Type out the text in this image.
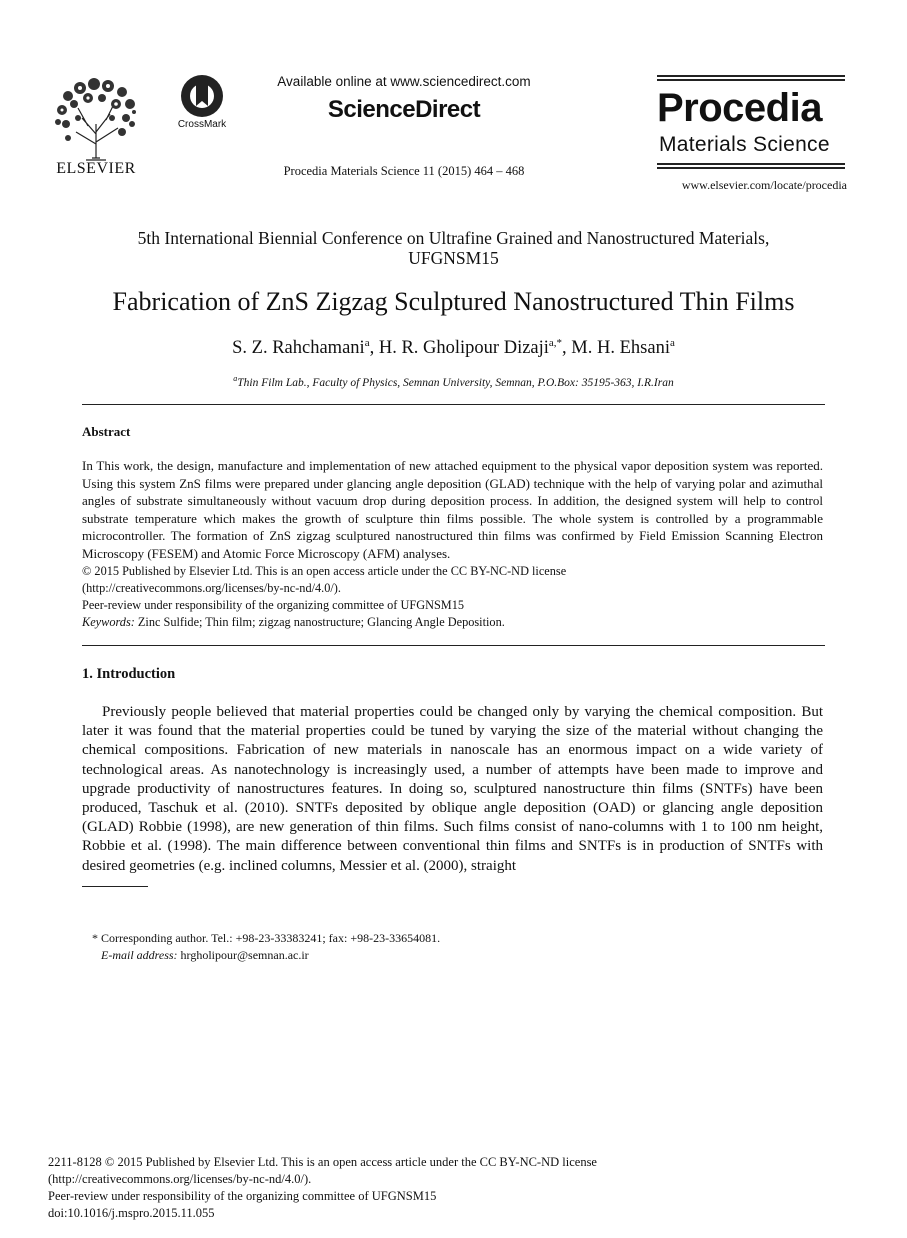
ELSEVIER
CrossMark
Available online at www.sciencedirect.com
ScienceDirect
Procedia Materials Science 11 (2015) 464 – 468
Procedia
Materials Science
www.elsevier.com/locate/procedia
5th International Biennial Conference on Ultrafine Grained and Nanostructured Materials,
UFGNSM15
Fabrication of ZnS Zigzag Sculptured Nanostructured Thin Films
S. Z. Rahchamani$^a$, H. R. Gholipour Dizaji$^{a,*}$, M. H. Ehsani$^a$
$^a$Thin Film Lab., Faculty of Physics, Semnan University, Semnan, P.O.Box: 35195-363, I.R.Iran
Abstract
In This work, the design, manufacture and implementation of new attached equipment to the physical vapor deposition system was reported. Using this system ZnS films were prepared under glancing angle deposition (GLAD) technique with the help of varying polar and azimuthal angles of substrate simultaneously without vacuum drop during deposition process. In addition, the designed system will help to control substrate temperature which makes the growth of sculpture thin films possible. The whole system is controlled by a programmable microcontroller. The formation of ZnS zigzag sculptured nanostructured thin films was confirmed by Field Emission Scanning Electron Microscopy (FESEM) and Atomic Force Microscopy (AFM) analyses.
© 2015 Published by Elsevier Ltd. This is an open access article under the CC BY-NC-ND license
(http://creativecommons.org/licenses/by-nc-nd/4.0/).
Peer-review under responsibility of the organizing committee of UFGNSM15
Keywords: Zinc Sulfide; Thin film; zigzag nanostructure; Glancing Angle Deposition.
1. Introduction
Previously people believed that material properties could be changed only by varying the chemical composition. But later it was found that the material properties could be tuned by varying the size of the material without changing the chemical compositions. Fabrication of new materials in nanoscale has an enormous impact on a wide variety of technological areas. As nanotechnology is increasingly used, a number of attempts have been made to improve and upgrade productivity of nanostructures features. In doing so, sculptured nanostructure thin films (SNTFs) have been produced, Taschuk et al. (2010). SNTFs deposited by oblique angle deposition (OAD) or glancing angle deposition (GLAD) Robbie (1998), are new generation of thin films. Such films consist of nano-columns with 1 to 100 nm height, Robbie et al. (1998). The main difference between conventional thin films and SNTFs is in production of SNTFs with desired geometries (e.g. inclined columns, Messier et al. (2000), straight
* Corresponding author. Tel.: +98-23-33383241; fax: +98-23-33654081.
E-mail address: hrgholipour@semnan.ac.ir
2211-8128 © 2015 Published by Elsevier Ltd. This is an open access article under the CC BY-NC-ND license
(http://creativecommons.org/licenses/by-nc-nd/4.0/).
Peer-review under responsibility of the organizing committee of UFGNSM15
doi:10.1016/j.mspro.2015.11.055
